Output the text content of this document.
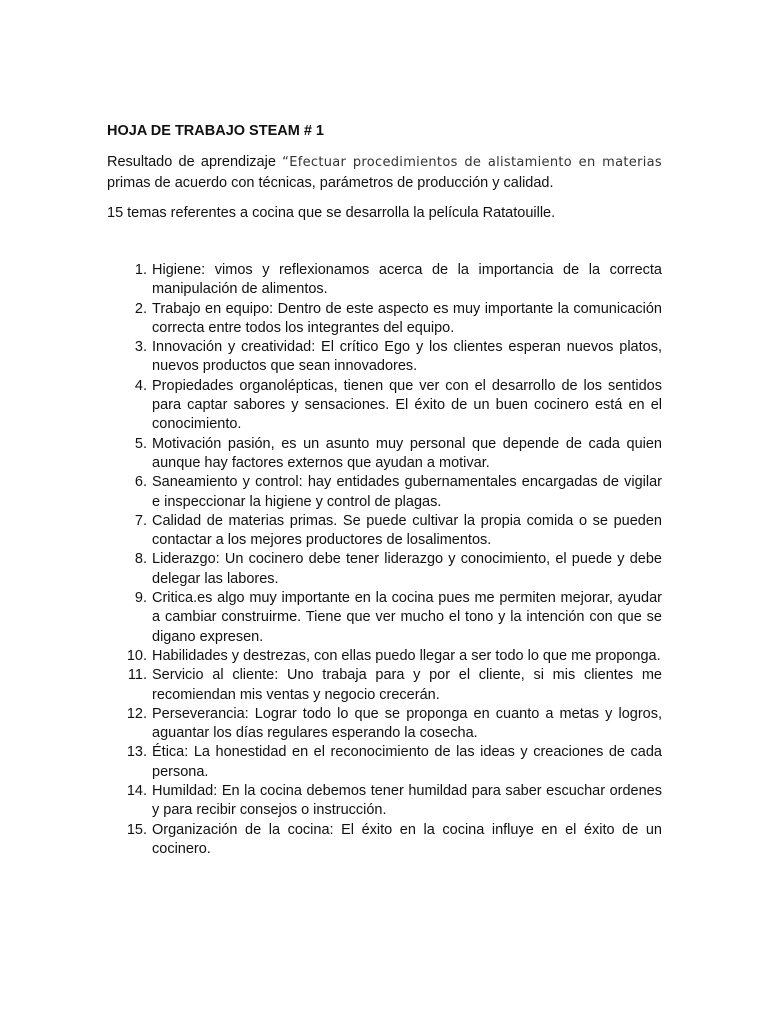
HOJA DE TRABAJO STEAM # 1

Resultado de aprendizaje “Efectuar procedimientos de alistamiento en materias primas de acuerdo con técnicas, parámetros de producción y calidad.

15 temas referentes a cocina que se desarrolla la película Ratatouille.

1. Higiene: vimos y reflexionamos acerca de la importancia de la correcta manipulación de alimentos.
2. Trabajo en equipo: Dentro de este aspecto es muy importante la comunicación correcta entre todos los integrantes del equipo.
3. Innovación y creatividad: El crítico Ego y los clientes esperan nuevos platos, nuevos productos que sean innovadores.
4. Propiedades organolépticas, tienen que ver con el desarrollo de los sentidos para captar sabores y sensaciones. El éxito de un buen cocinero está en el conocimiento.
5. Motivación pasión, es un asunto muy personal que depende de cada quien aunque hay factores externos que ayudan a motivar.
6. Saneamiento y control: hay entidades gubernamentales encargadas de vigilar e inspeccionar la higiene y control de plagas.
7. Calidad de materias primas. Se puede cultivar la propia comida o se pueden contactar a los mejores productores de losalimentos.
8. Liderazgo: Un cocinero debe tener liderazgo y conocimiento, el puede y debe delegar las labores.
9. Critica.es algo muy importante en la cocina pues me permiten mejorar, ayudar a cambiar construirme. Tiene que ver mucho el tono y la intención con que se digano expresen.
10. Habilidades y destrezas, con ellas puedo llegar a ser todo lo que me proponga.
11. Servicio al cliente: Uno trabaja para y por el cliente, si mis clientes me recomiendan mis ventas y negocio crecerán.
12. Perseverancia: Lograr todo lo que se proponga en cuanto a metas y logros, aguantar los días regulares esperando la cosecha.
13. Ética: La honestidad en el reconocimiento de las ideas y creaciones de cada persona.
14. Humildad: En la cocina debemos tener humildad para saber escuchar ordenes y para recibir consejos o instrucción.
15. Organización de la cocina: El éxito en la cocina influye en el éxito de un cocinero.
